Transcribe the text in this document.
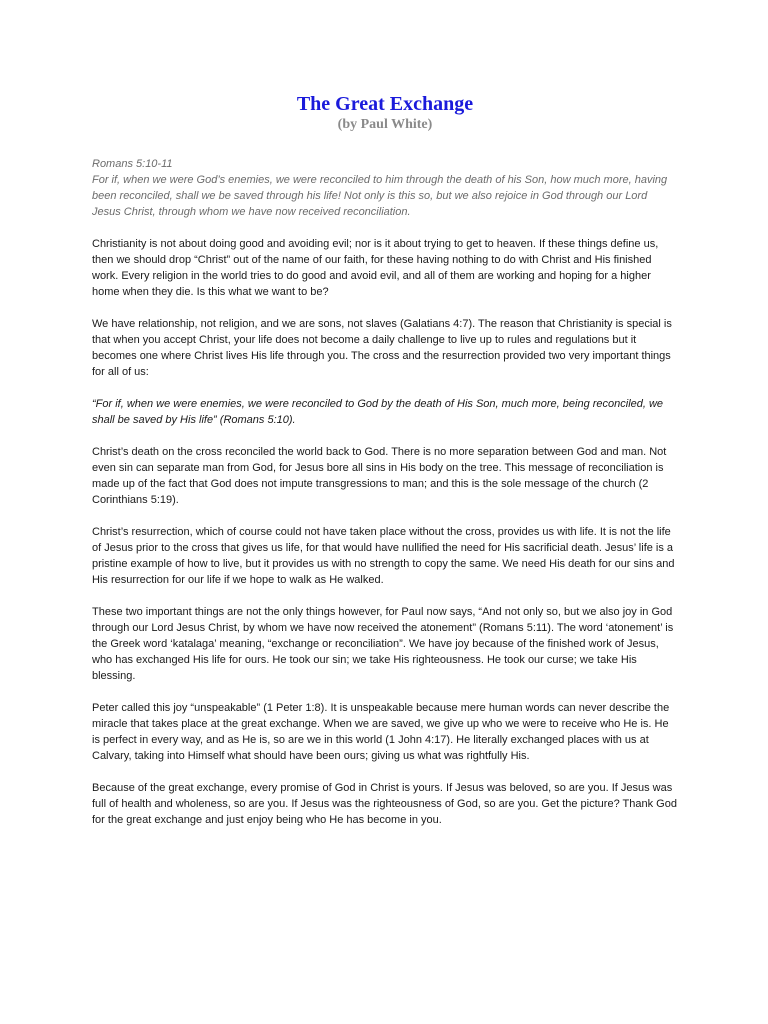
The Great Exchange

(by Paul White)

Romans 5:10-11

For if, when we were God’s enemies, we were reconciled to him through the death of his Son, how much more, having been reconciled, shall we be saved through his life! Not only is this so, but we also rejoice in God through our Lord Jesus Christ, through whom we have now received reconciliation.

Christianity is not about doing good and avoiding evil; nor is it about trying to get to heaven. If these things define us, then we should drop “Christ” out of the name of our faith, for these having nothing to do with Christ and His finished work. Every religion in the world tries to do good and avoid evil, and all of them are working and hoping for a higher home when they die. Is this what we want to be?

We have relationship, not religion, and we are sons, not slaves (Galatians 4:7). The reason that Christianity is special is that when you accept Christ, your life does not become a daily challenge to live up to rules and regulations but it becomes one where Christ lives His life through you. The cross and the resurrection provided two very important things for all of us:

“For if, when we were enemies, we were reconciled to God by the death of His Son, much more, being reconciled, we shall be saved by His life” (Romans 5:10).

Christ’s death on the cross reconciled the world back to God. There is no more separation between God and man. Not even sin can separate man from God, for Jesus bore all sins in His body on the tree. This message of reconciliation is made up of the fact that God does not impute transgressions to man; and this is the sole message of the church (2 Corinthians 5:19).

Christ’s resurrection, which of course could not have taken place without the cross, provides us with life. It is not the life of Jesus prior to the cross that gives us life, for that would have nullified the need for His sacrificial death. Jesus’ life is a pristine example of how to live, but it provides us with no strength to copy the same. We need His death for our sins and His resurrection for our life if we hope to walk as He walked.

These two important things are not the only things however, for Paul now says, “And not only so, but we also joy in God through our Lord Jesus Christ, by whom we have now received the atonement” (Romans 5:11). The word ‘atonement’ is the Greek word ‘katalaga’ meaning, “exchange or reconciliation”. We have joy because of the finished work of Jesus, who has exchanged His life for ours. He took our sin; we take His righteousness. He took our curse; we take His blessing.

Peter called this joy “unspeakable” (1 Peter 1:8). It is unspeakable because mere human words can never describe the miracle that takes place at the great exchange. When we are saved, we give up who we were to receive who He is. He is perfect in every way, and as He is, so are we in this world (1 John 4:17). He literally exchanged places with us at Calvary, taking into Himself what should have been ours; giving us what was rightfully His.

Because of the great exchange, every promise of God in Christ is yours. If Jesus was beloved, so are you. If Jesus was full of health and wholeness, so are you. If Jesus was the righteousness of God, so are you. Get the picture? Thank God for the great exchange and just enjoy being who He has become in you.
